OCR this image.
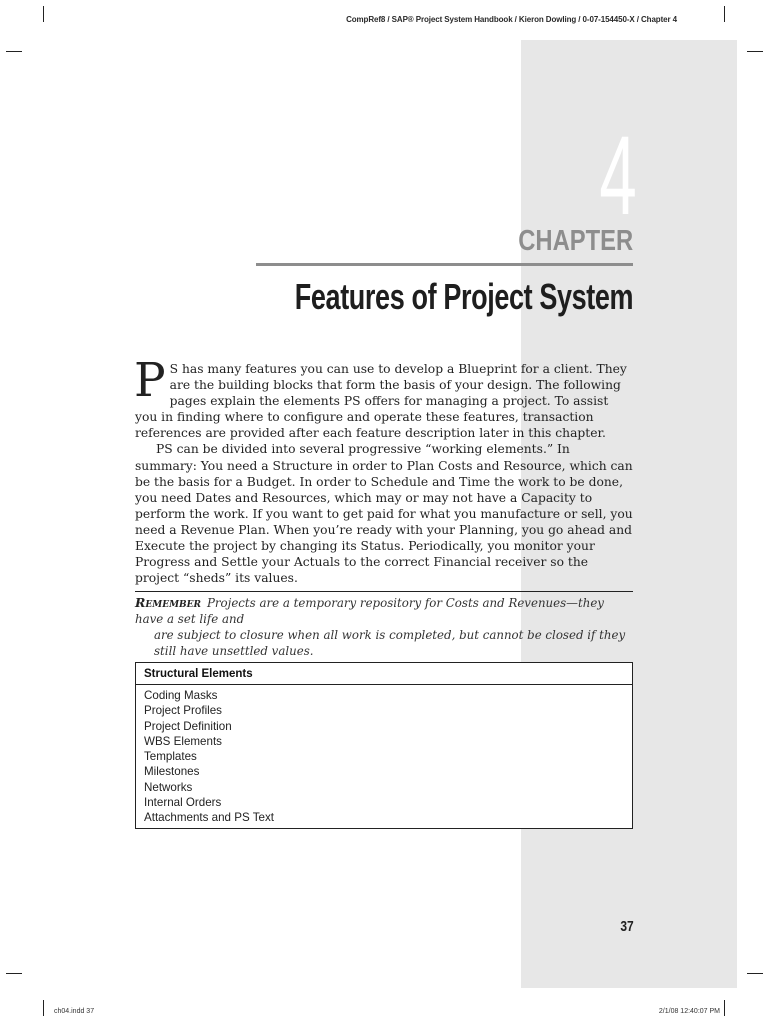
CompRef8 / SAP® Project System Handbook / Kieron Dowling / 0-07-154450-X / Chapter 4
4
CHAPTER
Features of Project System

P S has many features you can use to develop a Blueprint for a client. They are the building blocks that form the basis of your design. The following pages explain the elements PS offers for managing a project. To assist you in finding where to configure and operate these features, transaction references are provided after each feature description later in this chapter.

PS can be divided into several progressive “working elements.” In summary: You need a Structure in order to Plan Costs and Resource, which can be the basis for a Budget. In order to Schedule and Time the work to be done, you need Dates and Resources, which may or may not have a Capacity to perform the work. If you want to get paid for what you manufacture or sell, you need a Revenue Plan. When you’re ready with your Planning, you go ahead and Execute the project by changing its Status. Periodically, you monitor your Progress and Settle your Actuals to the correct Financial receiver so the project “sheds” its values.

Remember Projects are a temporary repository for Costs and Revenues—they have a set life and
are subject to closure when all work is completed, but cannot be closed if they still have unsettled values.
Structural Elements
Coding Masks
Project Profiles
Project Definition
WBS Elements
Templates
Milestones
Networks
Internal Orders
Attachments and PS Text
37
ch04.indd 37	2/1/08 12:40:07 PM
